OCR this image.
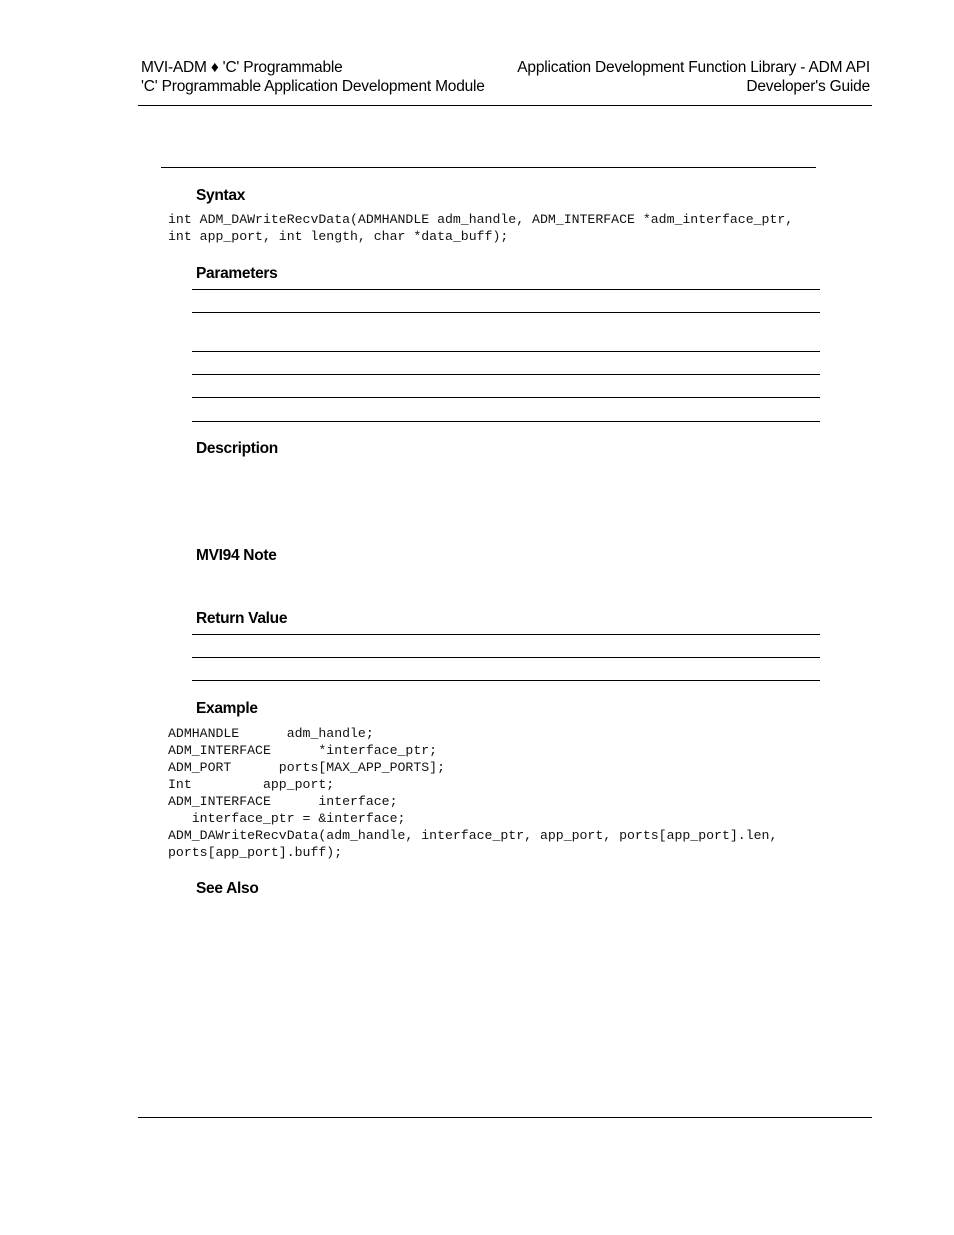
MVI-ADM ♦ 'C' Programmable
'C' Programmable Application Development Module
Application Development Function Library - ADM API
Developer's Guide
Syntax
int ADM_DAWriteRecvData(ADMHANDLE adm_handle, ADM_INTERFACE *adm_interface_ptr,
int app_port, int length, char *data_buff);
Parameters
Description
MVI94 Note
Return Value
Example
ADMHANDLE      adm_handle;
ADM_INTERFACE      *interface_ptr;
ADM_PORT      ports[MAX_APP_PORTS];
Int         app_port;
ADM_INTERFACE      interface;
interface_ptr = &interface;
ADM_DAWriteRecvData(adm_handle, interface_ptr, app_port, ports[app_port].len,
ports[app_port].buff);
See Also
